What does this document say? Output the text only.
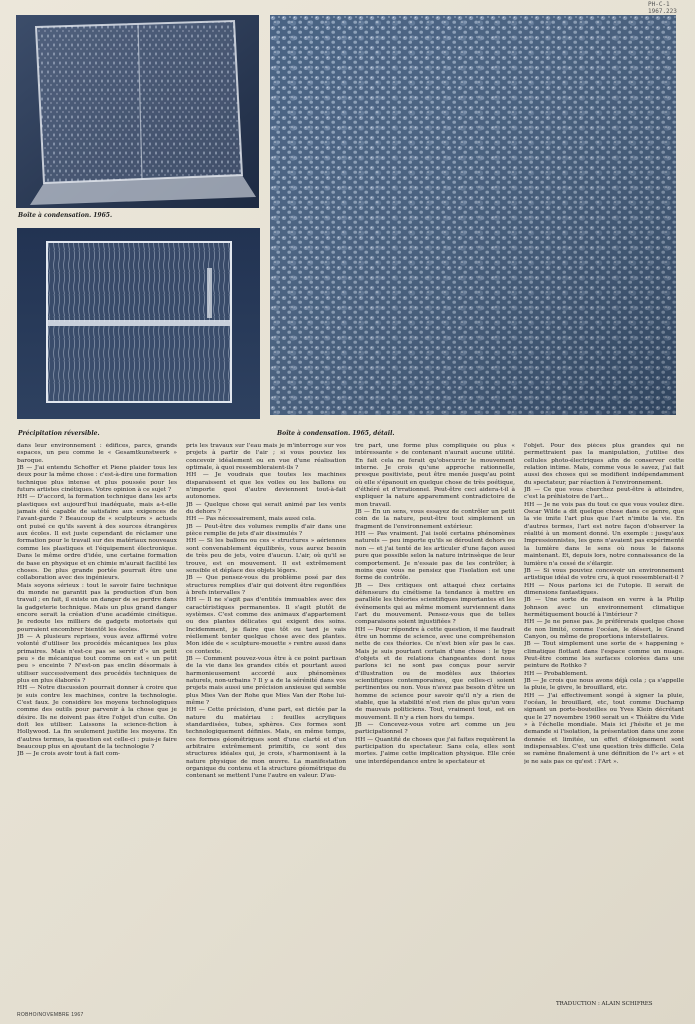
Boîte à condensation. 1965.
Précipitation réversible.	Boîte à condensation. 1965, détail.
PH-C-1
1967.223

dans leur environnement : édifices, parcs, grands espaces, un peu comme le « Gesamtkunstwerk » baroque.
JB — J'ai entendu Schoffer et Piene plaider tous les deux pour la même chose : c'est-à-dire une formation technique plus intense et plus poussée pour les futurs artistes cinétiques. Votre opinion à ce sujet ?
HH — D'accord, la formation technique dans les arts plastiques est aujourd'hui inadéquate, mais a-t-elle jamais été capable de satisfaire aux exigences de l'avant-garde ? Beaucoup de « sculpteurs » actuels ont puisé ce qu'ils savent à des sources étrangères aux écoles. Il est juste cependant de réclamer une formation pour le travail sur des matériaux nouveaux comme les plastiques et l'équipement électronique. Dans le même ordre d'idée, une certaine formation de base en physique et en chimie m'aurait facilité les choses. De plus grande portée pourrait être une collaboration avec des ingénieurs.
Mais soyons sérieux : tout le savoir faire technique du monde ne garantit pas la production d'un bon travail ; en fait, il existe un danger de se perdre dans la gadgeterie technique. Mais un plus grand danger encore serait la création d'une académie cinétique. Je redoute les milliers de gadgets motorisés qui pourraient encombrer bientôt les écoles.
JB — A plusieurs reprises, vous avez affirmé votre volonté d'utiliser les procédés mécaniques les plus primaires. Mais n'est-ce pas se servir d'« un petit peu » de mécanique tout comme on est « un petit peu » enceinte ? N'est-on pas enclin désormais à utiliser successivement des procédés techniques de plus en plus élaborés ?
HH — Notre discussion pourrait donner à croire que je suis contre les machines, contre la technologie. C'est faux. Je considère les moyens technologiques comme des outils pour parvenir à la chose que je désire. Ils ne doivent pas être l'objet d'un culte. On doit les utiliser. Laissons la science-fiction à Hollywood. La fin seulement justifie les moyens. En d'autres termes, la question est celle-ci : puis-je faire beaucoup plus en ajoutant de la technologie ?
JB — Je crois avoir tout à fait com-

pris les travaux sur l'eau mais je m'interroge sur vos projets à partir de l'air ; si vous pouviez les concevoir idéalement ou en vue d'une réalisation optimale, à quoi ressembleraient-ils ?
HH — Je voudrais que toutes les machines disparaissent et que les voiles ou les ballons ou n'importe quoi d'autre deviennent tout-à-fait autonomes.
JB — Quelque chose qui serait animé par les vents du dehors ?
HH — Pas nécessairement, mais aussi cela.
JB — Peut-être des volumes remplis d'air dans une pièce remplie de jets d'air dissimulés ?
HH — Si les ballons ou ces « structures » aériennes sont convenablement équilibrés, vous aurez besoin de très peu de jets, voire d'aucun. L'air, où qu'il se trouve, est en mouvement. Il est extrêmement sensible et déplace des objets légers.
JB — Que pensez-vous du problème posé par des structures remplies d'air qui doivent être regonflées à brefs intervalles ?
HH — Il ne s'agit pas d'entités immuables avec des caractéristiques permanentes. Il s'agit plutôt de systèmes. C'est comme des animaux d'appartement ou des plantes délicates qui exigent des soins. Incidemment, je flaire que tôt ou tard je vais réellement tenter quelque chose avec des plantes. Mon idée de « sculpture-mouette » rentre aussi dans ce contexte.
JB — Comment pouvez-vous être à ce point partisan de la vie dans les grandes cités et pourtant aussi harmonieusement accordé aux phénomènes naturels, non-urbains ? Il y a de la sérénité dans vos projets mais aussi une précision anxieuse qui semble plus Mies Van der Rohe que Mies Van der Rohe lui-même ?
HH — Cette précision, d'une part, est dictée par la nature du matériau : feuilles acryliques standardisées, tubes, sphères. Ces formes sont technologiquement définies. Mais, en même temps, ces formes géométriques sont d'une clarté et d'un arbitraire extrêmement primitifs, ce sont des structures idéales qui, je crois, s'harmonisent à la nature physique de mon œuvre. La manifestation organique du contenu et la structure géométrique du contenant se mettent l'une l'autre en valeur. D'au-

tre part, une forme plus compliquée ou plus « intéressante » de contenant n'aurait aucune utilité. En fait cela ne ferait qu'obscurcir le mouvement interne. Je crois qu'une approche rationnelle, presque positiviste, peut être menée jusqu'au point où elle s'épanouit en quelque chose de très poétique, d'éthéré et d'irrationnel. Peut-être ceci aidera-t-il à expliquer la nature apparemment contradictoire de mon travail.
JB — En un sens, vous essayez de contrôler un petit coin de la nature, peut-être tout simplement un fragment de l'environnement extérieur.
HH — Pas vraiment. J'ai isolé certains phénomènes naturels — peu importe qu'ils se déroulent dehors ou non — et j'ai tenté de les articuler d'une façon aussi pure que possible selon la nature intrinsèque de leur comportement. Je n'essaie pas de les contrôler, à moins que vous ne pensiez que l'isolation est une forme de contrôle.
JB — Des critiques ont attaqué chez certains défenseurs du cinétisme la tendance à mettre en parallèle les théories scientifiques importantes et les événements qui au même moment surviennent dans l'art du mouvement. Pensez-vous que de telles comparaisons soient injustifiées ?
HH — Pour répondre à cette question, il me faudrait être un homme de science, avec une compréhension nette de ces théories. Ce n'est bien sûr pas le cas. Mais je suis pourtant certain d'une chose : le type d'objets et de relations changeantes dont nous parlons ici ne sont pas conçus pour servir d'illustration ou de modèles aux théories scientifiques contemporaines, que celles-ci soient pertinentes ou non. Vous n'avez pas besoin d'être un homme de science pour savoir qu'il n'y a rien de stable, que la stabilité n'est rien de plus qu'un vœu de mauvais politiciens. Tout, vraiment tout, est en mouvement. Il n'y a rien hors du temps.
JB — Concevez-vous votre art comme un jeu participationnel ?
HH — Quantité de choses que j'ai faites requièrent la participation du spectateur. Sans cela, elles sont mortes. J'aime cette implication physique. Elle crée une interdépendance entre le spectateur et

l'objet. Pour des pièces plus grandes qui ne permettraient pas la manipulation, j'utilise des cellules photo-électriques afin de conserver cette relation intime. Mais, comme vous le savez, j'ai fait aussi des choses qui se modifient indépendamment du spectateur, par réaction à l'environnement.
JB — Ce que vous cherchez peut-être à atteindre, c'est la préhistoire de l'art...
HH — Je ne vois pas du tout ce que vous voulez dire. Oscar Wilde a dit quelque chose dans ce genre, que la vie imite l'art plus que l'art n'imite la vie. En d'autres termes, l'art est notre façon d'observer la réalité à un moment donné. Un exemple : jusqu'aux Impressionnistes, les gens n'avaient pas expérimenté la lumière dans le sens où nous le faisons maintenant. Et, depuis lors, notre connaissance de la lumière n'a cessé de s'élargir.
JB — Si vous pouviez concevoir un environnement artistique idéal de votre cru, à quoi ressemblerait-il ?
HH — Nous parlons ici de l'utopie. Il serait de dimensions fantastiques.
JB — Une sorte de maison en verre à la Philip Johnson avec un environnement climatique hermétiquement bouclé à l'intérieur ?
HH — Je ne pense pas. Je préférerais quelque chose de non limité, comme l'océan, le désert, le Grand Canyon, ou même de proportions interstellaires.
JB — Tout simplement une sorte de « happening » climatique flottant dans l'espace comme un nuage. Peut-être comme les surfaces colorées dans une peinture de Rothko ?
HH — Probablement.
JB — Je crois que nous avons déjà cela ; ça s'appelle la pluie, le givre, le brouillard, etc.
HH — J'ai effectivement songé à signer la pluie, l'océan, le brouillard, etc, tout comme Duchamp signant un porte-bouteilles ou Yves Klein décrétant que le 27 novembre 1960 serait un « Théâtre du Vide » à l'échelle mondiale. Mais ici j'hésite et je me demande si l'isolation, la présentation dans une zone donnée et limitée, un effet d'éloignement sont indispensables. C'est une question très difficile. Cela se ramène finalement à une définition de l'« art » et je ne sais pas ce qu'est : l'Art ».

TRADUCTION : ALAIN SCHIFRES
ROBHO/NOVEMBRE 1967
